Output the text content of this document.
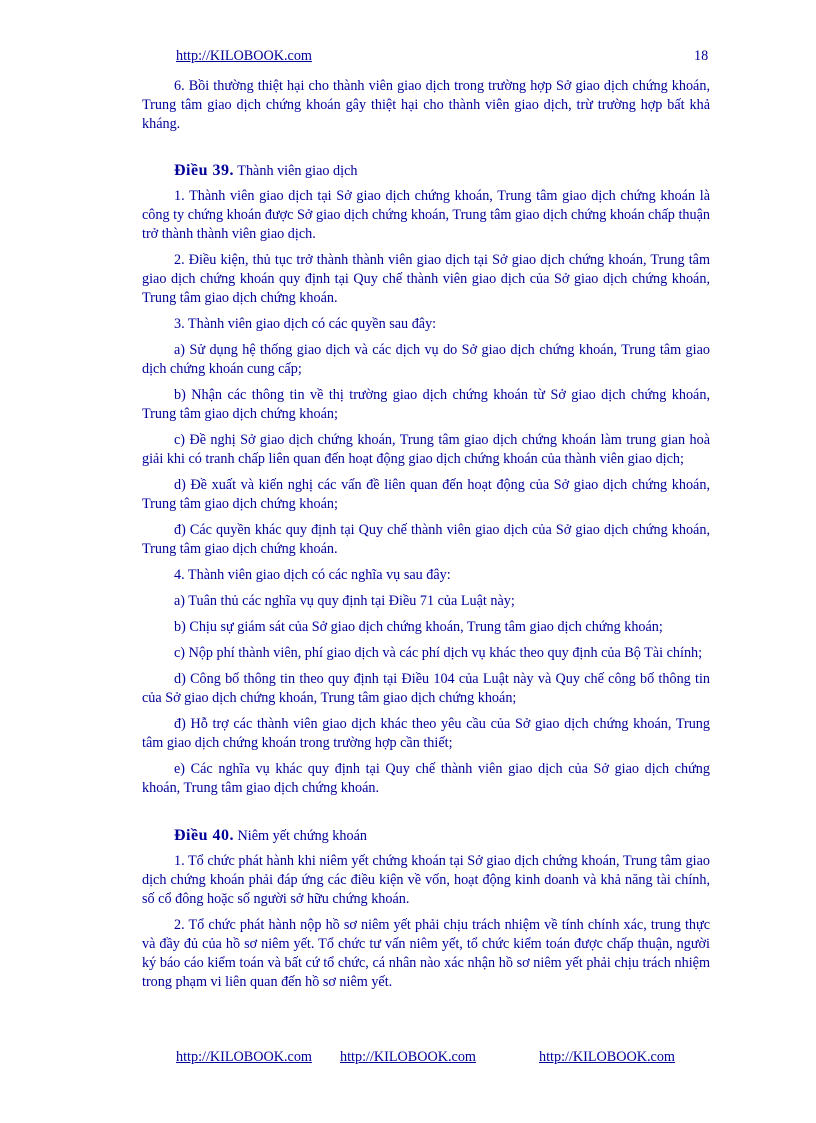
http://KILOBOOK.com	18

6. Bồi thường thiệt hại cho thành viên giao dịch trong trường hợp Sở giao dịch chứng khoán, Trung tâm giao dịch chứng khoán gây thiệt hại cho thành viên giao dịch, trừ trường hợp bất khả kháng.

Điều 39. Thành viên giao dịch

1. Thành viên giao dịch tại Sở giao dịch chứng khoán, Trung tâm giao dịch chứng khoán là công ty chứng khoán được Sở giao dịch chứng khoán, Trung tâm giao dịch chứng khoán chấp thuận trở thành thành viên giao dịch.

2. Điều kiện, thủ tục trở thành thành viên giao dịch tại Sở giao dịch chứng khoán, Trung tâm giao dịch chứng khoán quy định tại Quy chế thành viên giao dịch của Sở giao dịch chứng khoán, Trung tâm giao dịch chứng khoán.

3. Thành viên giao dịch có các quyền sau đây:

a) Sử dụng hệ thống giao dịch và các dịch vụ do Sở giao dịch chứng khoán, Trung tâm giao dịch chứng khoán cung cấp;

b) Nhận các thông tin về thị trường giao dịch chứng khoán từ Sở giao dịch chứng khoán, Trung tâm giao dịch chứng khoán;

c) Đề nghị Sở giao dịch chứng khoán, Trung tâm giao dịch chứng khoán làm trung gian hoà giải khi có tranh chấp liên quan đến hoạt động giao dịch chứng khoán của thành viên giao dịch;

d) Đề xuất và kiến nghị các vấn đề liên quan đến hoạt động của Sở giao dịch chứng khoán, Trung tâm giao dịch chứng khoán;

đ) Các quyền khác quy định tại Quy chế thành viên giao dịch của Sở giao dịch chứng khoán, Trung tâm giao dịch chứng khoán.

4. Thành viên giao dịch có các nghĩa vụ sau đây:

a) Tuân thủ các nghĩa vụ quy định tại Điều 71 của Luật này;

b) Chịu sự giám sát của Sở giao dịch chứng khoán, Trung tâm giao dịch chứng khoán;

c) Nộp phí thành viên, phí giao dịch và các phí dịch vụ khác theo quy định của Bộ Tài chính;

d) Công bố thông tin theo quy định tại Điều 104 của Luật này và Quy chế công bố thông tin của Sở giao dịch chứng khoán, Trung tâm giao dịch chứng khoán;

đ) Hỗ trợ các thành viên giao dịch khác theo yêu cầu của Sở giao dịch chứng khoán, Trung tâm giao dịch chứng khoán trong trường hợp cần thiết;

e) Các nghĩa vụ khác quy định tại Quy chế thành viên giao dịch của Sở giao dịch chứng khoán, Trung tâm giao dịch chứng khoán.

Điều 40. Niêm yết chứng khoán

1. Tổ chức phát hành khi niêm yết chứng khoán tại Sở giao dịch chứng khoán, Trung tâm giao dịch chứng khoán phải đáp ứng các điều kiện về vốn, hoạt động kinh doanh và khả năng tài chính, số cổ đông hoặc số người sở hữu chứng khoán.

2. Tổ chức phát hành nộp hồ sơ niêm yết phải chịu trách nhiệm về tính chính xác, trung thực và đầy đủ của hồ sơ niêm yết. Tổ chức tư vấn niêm yết, tổ chức kiểm toán được chấp thuận, người ký báo cáo kiểm toán và bất cứ tổ chức, cá nhân nào xác nhận hồ sơ niêm yết phải chịu trách nhiệm trong phạm vi liên quan đến hồ sơ niêm yết.

http://KILOBOOK.com http://KILOBOOK.com	http://KILOBOOK.com
